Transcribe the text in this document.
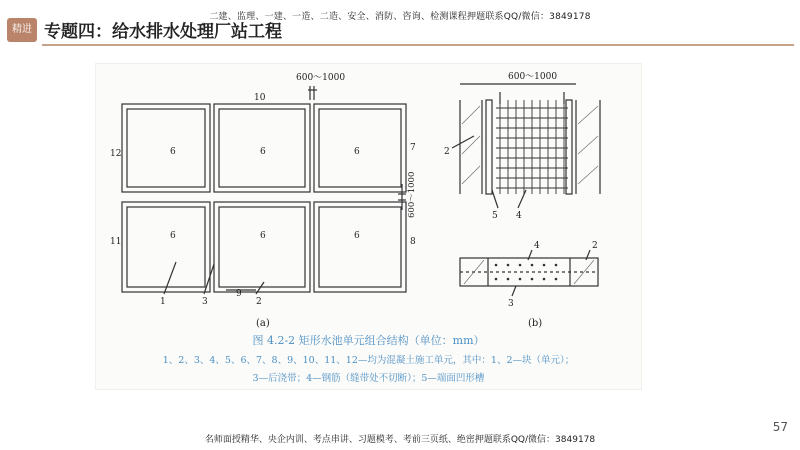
二建、监理、一建、一造、二造、安全、消防、咨询、检测课程押题联系QQ/微信：3849178
精进 专题四：给水排水处理厂站工程
600～1000
600～1000
600～1000
10
12
7
11	8
1	3
9
2
6	6	6
6	6	6
2
5 4
4	2
3
(a)	(b)
图 4.2-2 矩形水池单元组合结构（单位：mm）
1、2、3、4、5、6、7、8、9、10、11、12—均为混凝土施工单元，其中：1、2—块（单元）；
3—后浇带；4—钢筋（缝带处不切断）；5—端面凹形槽
57
名师面授精华、央企内训、考点串讲、习题模考、考前三页纸、绝密押题联系QQ/微信：3849178
